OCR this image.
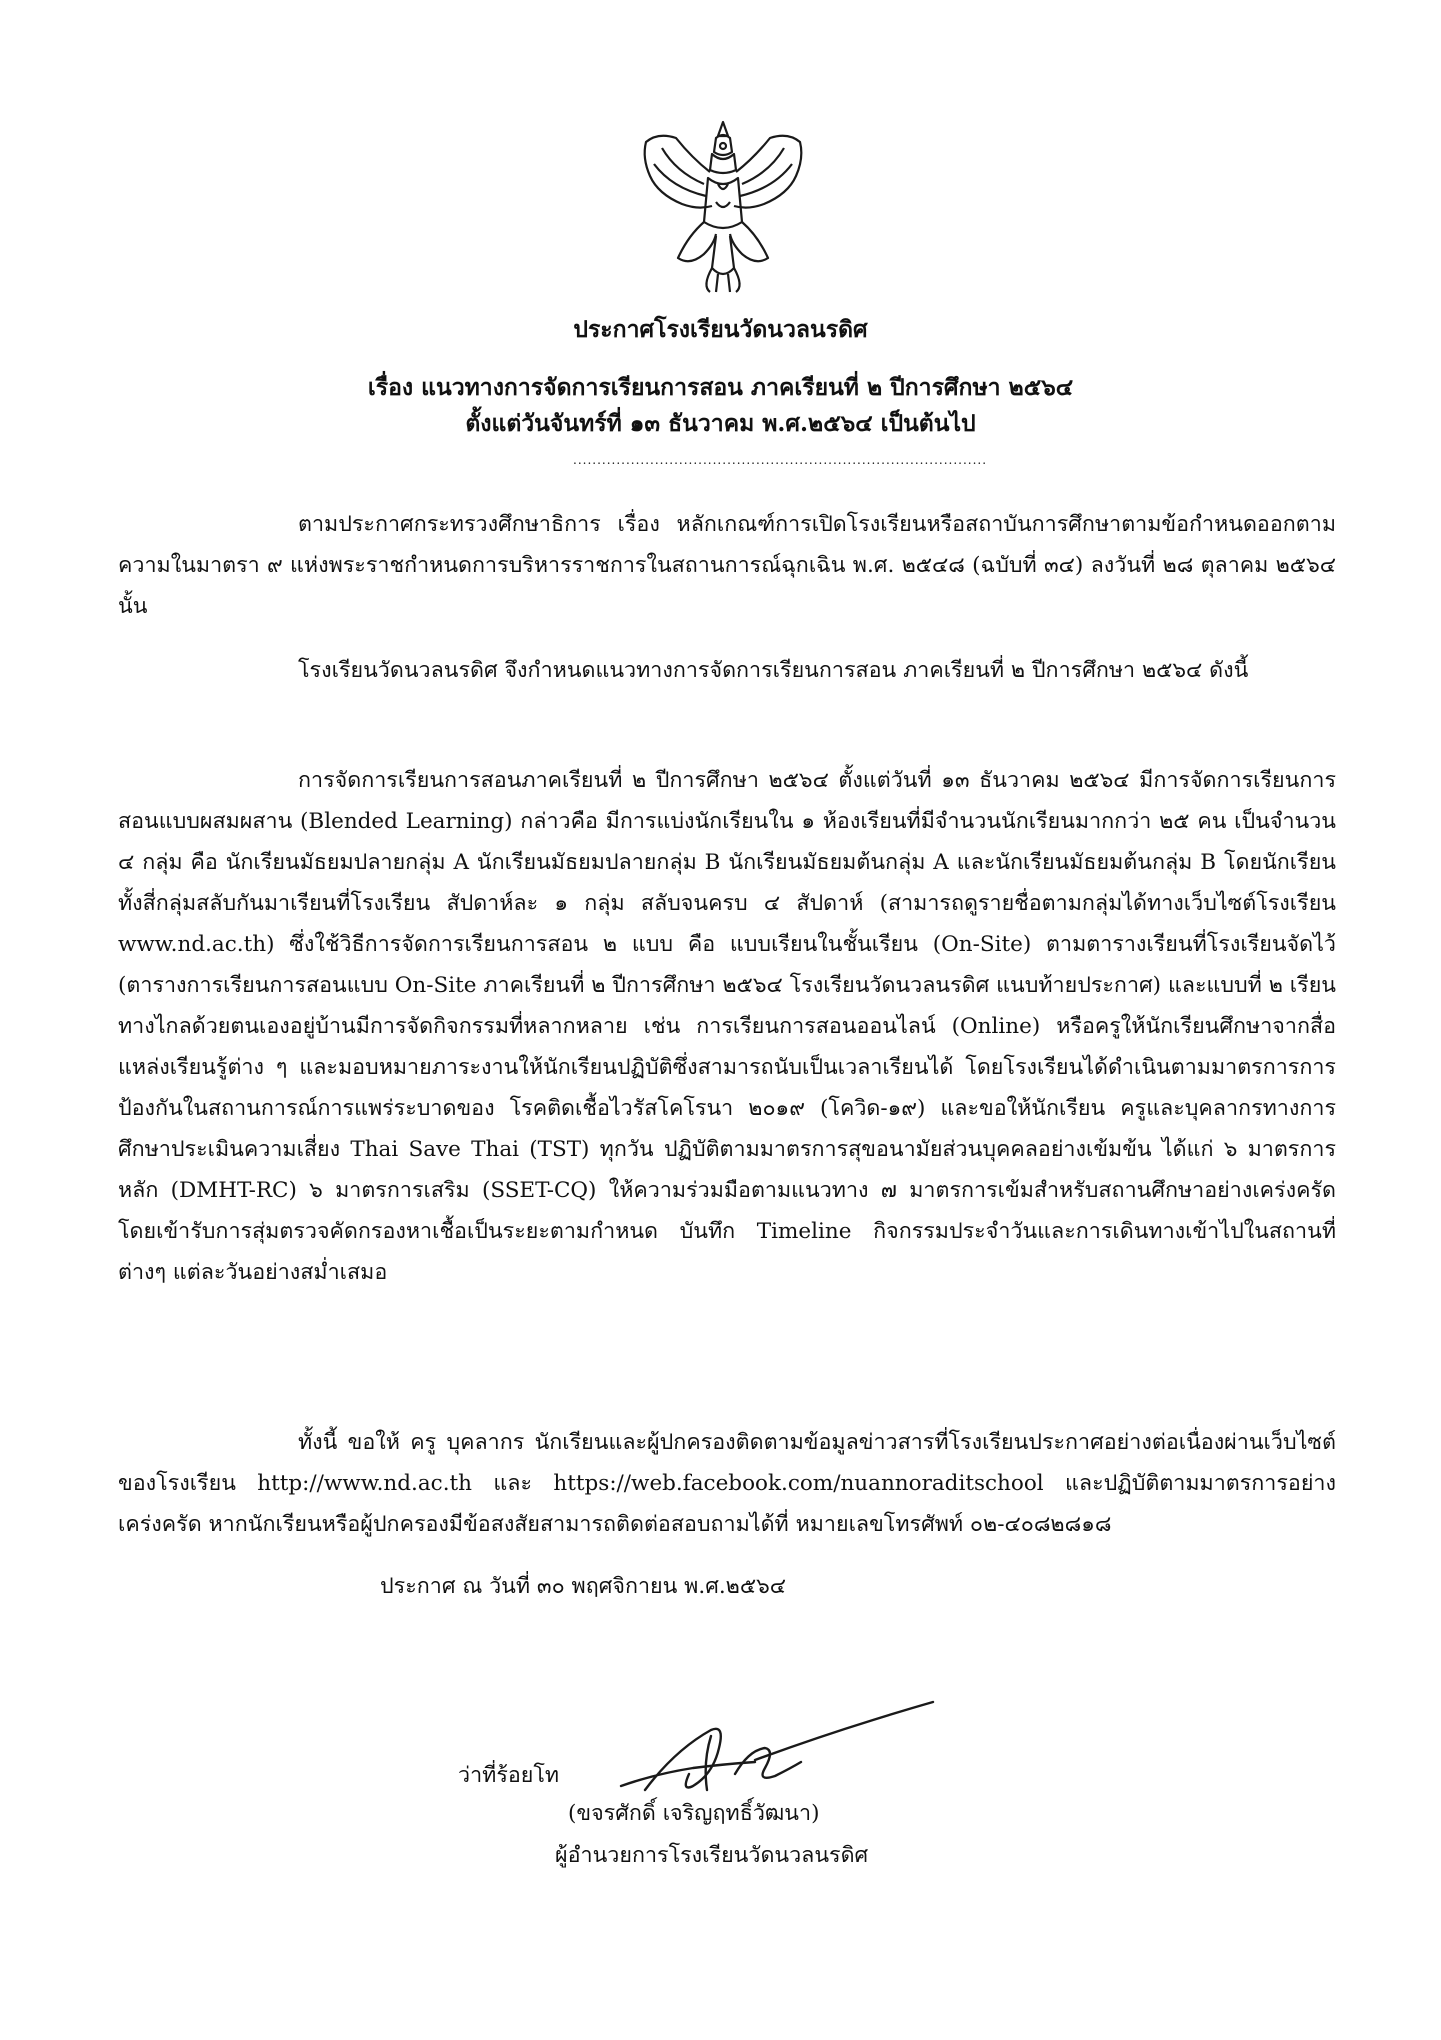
ประกาศโรงเรียนวัดนวลนรดิศ
เรื่อง แนวทางการจัดการเรียนการสอน ภาคเรียนที่ ๒ ปีการศึกษา ๒๕๖๔
ตั้งแต่วันจันทร์ที่ ๑๓ ธันวาคม พ.ศ.๒๕๖๔ เป็นต้นไป
......................................................................................

ตามประกาศกระทรวงศึกษาธิการ เรื่อง หลักเกณฑ์การเปิดโรงเรียนหรือสถาบันการศึกษาตามข้อกำหนดออกตามความในมาตรา ๙ แห่งพระราชกำหนดการบริหารราชการในสถานการณ์ฉุกเฉิน พ.ศ. ๒๕๔๘ (ฉบับที่ ๓๔) ลงวันที่ ๒๘ ตุลาคม ๒๕๖๔ นั้น

โรงเรียนวัดนวลนรดิศ จึงกำหนดแนวทางการจัดการเรียนการสอน ภาคเรียนที่ ๒ ปีการศึกษา ๒๕๖๔ ดังนี้

การจัดการเรียนการสอนภาคเรียนที่ ๒ ปีการศึกษา ๒๕๖๔ ตั้งแต่วันที่ ๑๓ ธันวาคม ๒๕๖๔ มีการจัดการเรียนการสอนแบบผสมผสาน (Blended Learning) กล่าวคือ มีการแบ่งนักเรียนใน ๑ ห้องเรียนที่มีจำนวนนักเรียนมากกว่า ๒๕ คน เป็นจำนวน ๔ กลุ่ม คือ นักเรียนมัธยมปลายกลุ่ม A นักเรียนมัธยมปลายกลุ่ม B นักเรียนมัธยมต้นกลุ่ม A และนักเรียนมัธยมต้นกลุ่ม B โดยนักเรียนทั้งสี่กลุ่มสลับกันมาเรียนที่โรงเรียน สัปดาห์ละ ๑ กลุ่ม สลับจนครบ ๔ สัปดาห์ (สามารถดูรายชื่อตามกลุ่มได้ทางเว็บไซต์โรงเรียน www.nd.ac.th) ซึ่งใช้วิธีการจัดการเรียนการสอน ๒ แบบ คือ แบบเรียนในชั้นเรียน (On-Site) ตามตารางเรียนที่โรงเรียนจัดไว้ (ตารางการเรียนการสอนแบบ On-Site ภาคเรียนที่ ๒ ปีการศึกษา ๒๕๖๔ โรงเรียนวัดนวลนรดิศ แนบท้ายประกาศ) และแบบที่ ๒ เรียนทางไกลด้วยตนเองอยู่บ้านมีการจัดกิจกรรมที่หลากหลาย เช่น การเรียนการสอนออนไลน์ (Online) หรือครูให้นักเรียนศึกษาจากสื่อแหล่งเรียนรู้ต่าง ๆ และมอบหมายภาระงานให้นักเรียนปฏิบัติซึ่งสามารถนับเป็นเวลาเรียนได้ โดยโรงเรียนได้ดำเนินตามมาตรการการป้องกันในสถานการณ์การแพร่ระบาดของ โรคติดเชื้อไวรัสโคโรนา ๒๐๑๙ (โควิด-๑๙) และขอให้นักเรียน ครูและบุคลากรทางการศึกษาประเมินความเสี่ยง Thai Save Thai (TST) ทุกวัน ปฏิบัติตามมาตรการสุขอนามัยส่วนบุคคลอย่างเข้มข้น ได้แก่ ๖ มาตรการหลัก (DMHT-RC) ๖ มาตรการเสริม (SSET-CQ) ให้ความร่วมมือตามแนวทาง ๗ มาตรการเข้มสำหรับสถานศึกษาอย่างเคร่งครัด โดยเข้ารับการสุ่มตรวจคัดกรองหาเชื้อเป็นระยะตามกำหนด บันทึก Timeline กิจกรรมประจำวันและการเดินทางเข้าไปในสถานที่ต่างๆ แต่ละวันอย่างสม่ำเสมอ

ทั้งนี้ ขอให้ ครู บุคลากร นักเรียนและผู้ปกครองติดตามข้อมูลข่าวสารที่โรงเรียนประกาศอย่างต่อเนื่องผ่านเว็บไซต์ของโรงเรียน http://www.nd.ac.th และ https://web.facebook.com/nuannoraditschool และปฏิบัติตามมาตรการอย่างเคร่งครัด หากนักเรียนหรือผู้ปกครองมีข้อสงสัยสามารถติดต่อสอบถามได้ที่ หมายเลขโทรศัพท์ ๐๒-๔๐๘๒๘๑๘

ประกาศ ณ วันที่ ๓๐ พฤศจิกายน พ.ศ.๒๕๖๔
ว่าที่ร้อยโท
(ขจรศักดิ์ เจริญฤทธิ์วัฒนา)
ผู้อำนวยการโรงเรียนวัดนวลนรดิศ
